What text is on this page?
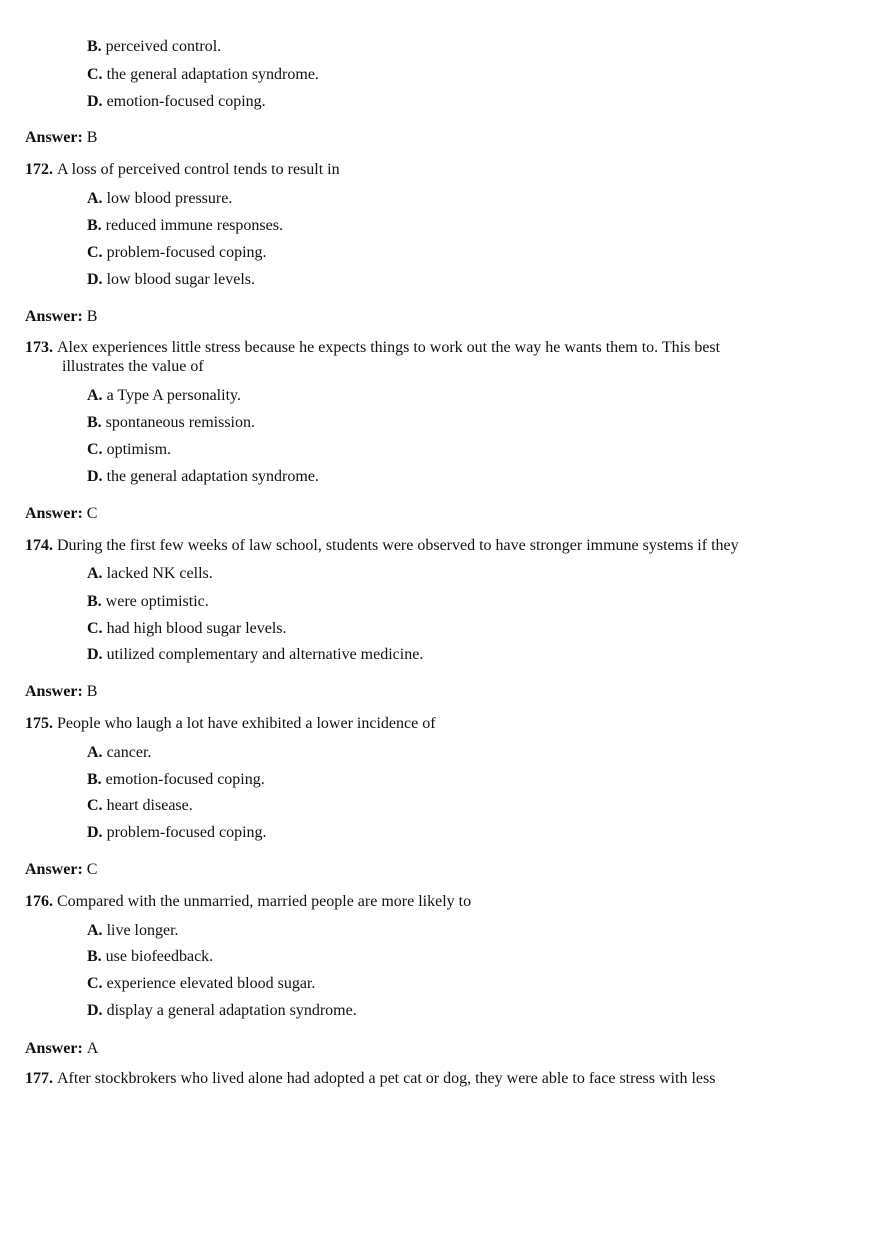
B. perceived control.
C. the general adaptation syndrome.
D. emotion-focused coping.
Answer: B
172. A loss of perceived control tends to result in
A. low blood pressure.
B. reduced immune responses.
C. problem-focused coping.
D. low blood sugar levels.
Answer: B
173. Alex experiences little stress because he expects things to work out the way he wants them to. This best
illustrates the value of
A. a Type A personality.
B. spontaneous remission.
C. optimism.
D. the general adaptation syndrome.
Answer: C
174. During the first few weeks of law school, students were observed to have stronger immune systems if they
A. lacked NK cells.
B. were optimistic.
C. had high blood sugar levels.
D. utilized complementary and alternative medicine.
Answer: B
175. People who laugh a lot have exhibited a lower incidence of
A. cancer.
B. emotion-focused coping.
C. heart disease.
D. problem-focused coping.
Answer: C
176. Compared with the unmarried, married people are more likely to
A. live longer.
B. use biofeedback.
C. experience elevated blood sugar.
D. display a general adaptation syndrome.
Answer: A
177. After stockbrokers who lived alone had adopted a pet cat or dog, they were able to face stress with less
